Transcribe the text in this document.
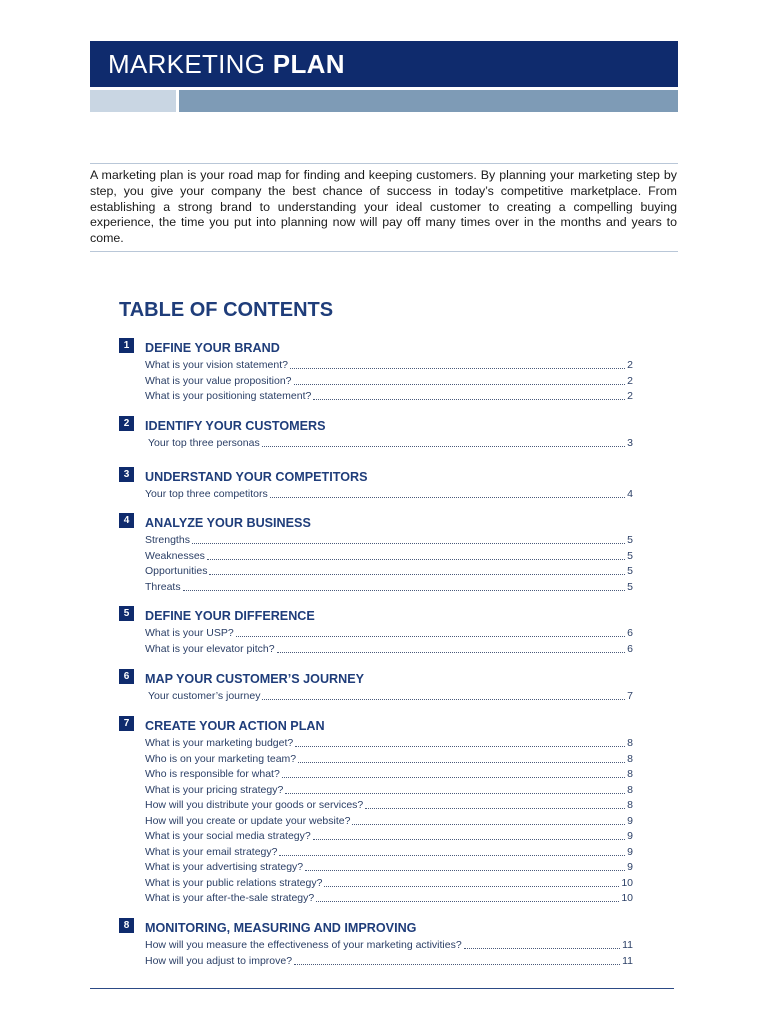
MARKETING PLAN

A marketing plan is your road map for finding and keeping customers. By planning your marketing step by step, you give your company the best chance of success in today’s competitive marketplace. From establishing a strong brand to understanding your ideal customer to creating a compelling buying experience, the time you put into planning now will pay off many times over in the months and years to come.

TABLE OF CONTENTS
1	DEFINE YOUR BRAND
What is your vision statement?	2
What is your value proposition?	2
What is your positioning statement?	2
2	IDENTIFY YOUR CUSTOMERS
Your top three personas	3
3	UNDERSTAND YOUR COMPETITORS
Your top three competitors	4
4	ANALYZE YOUR BUSINESS
Strengths	5
Weaknesses	5
Opportunities	5
Threats	5
5	DEFINE YOUR DIFFERENCE
What is your USP?	6
What is your elevator pitch?	6
6	MAP YOUR CUSTOMER’S JOURNEY
Your customer’s journey	7
7	CREATE YOUR ACTION PLAN
What is your marketing budget?	8
Who is on your marketing team?	8
Who is responsible for what?	8
What is your pricing strategy?	8
How will you distribute your goods or services?	8
How will you create or update your website?	9
What is your social media strategy?	9
What is your email strategy?	9
What is your advertising strategy?	9
What is your public relations strategy?	10
What is your after-the-sale strategy?	10
8	MONITORING, MEASURING AND IMPROVING
How will you measure the effectiveness of your marketing activities?	11
How will you adjust to improve?	11
